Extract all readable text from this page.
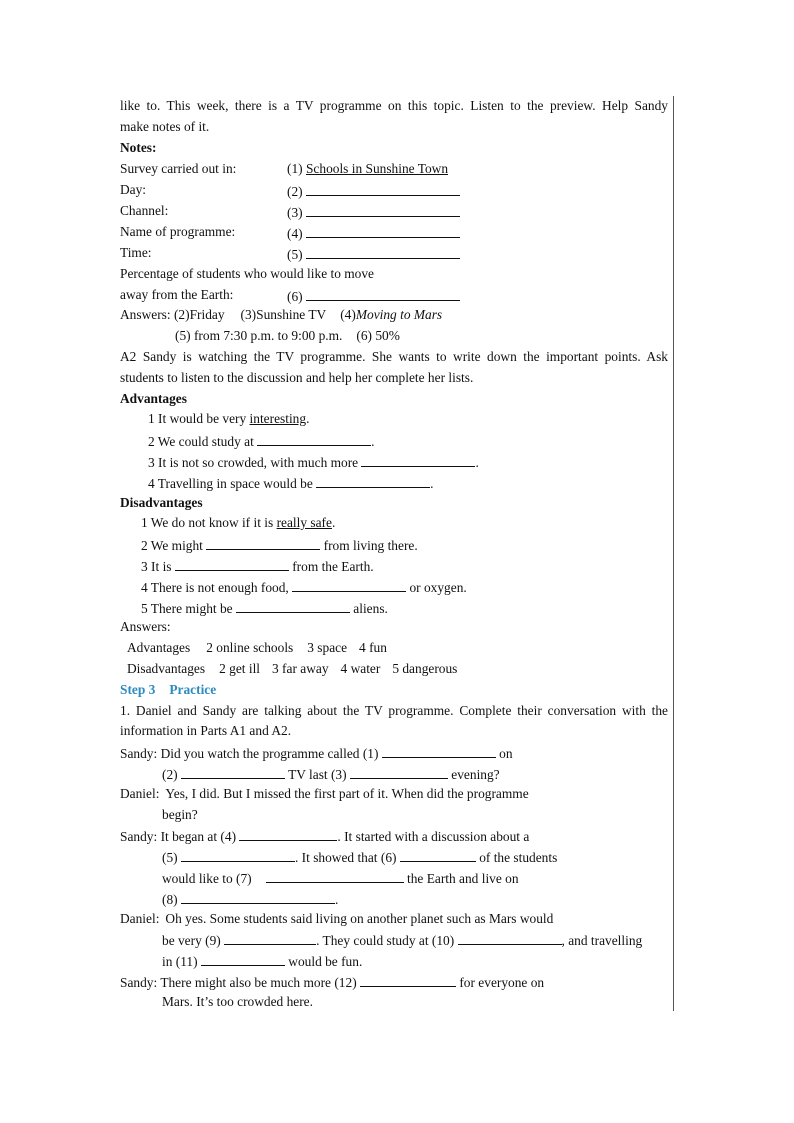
like to. This week, there is a TV programme on this topic. Listen to the preview. Help Sandy
make notes of it.
Notes:
Survey carried out in:	(1) Schools in Sunshine Town
Day:	(2)
Channel:	(3)
Name of programme:	(4)
Time:	(5)
Percentage of students who would like to move
away from the Earth:	(6)
Answers: (2)Friday (3)Sunshine TV (4)Moving to Mars
(5) from 7:30 p.m. to 9:00 p.m. (6) 50%
A2 Sandy is watching the TV programme. She wants to write down the important points. Ask
students to listen to the discussion and help her complete her lists.
Advantages
1 It would be very interesting.
2 We could study at	.
3 It is not so crowded, with much more	.
4 Travelling in space would be	.
Disadvantages
1 We do not know if it is really safe.
2 We might	from living there.
3 It is	from the Earth.
4 There is not enough food,	or oxygen.
5 There might be	aliens.
Answers:
Advantages 2 online schools 3 space 4 fun
Disadvantages 2 get ill 3 far away 4 water 5 dangerous
Step 3 Practice
1. Daniel and Sandy are talking about the TV programme. Complete their conversation with the
information in Parts A1 and A2.
Sandy: Did you watch the programme called (1)	on
(2)	TV last (3)	evening?
Daniel: Yes, I did. But I missed the first part of it. When did the programme
begin?
Sandy: It began at (4)	. It started with a discussion about a
(5)	. It showed that (6)	of the students
would like to (7)	the Earth and live on
(8)	.
Daniel: Oh yes. Some students said living on another planet such as Mars would
be very (9)	. They could study at (10)	, and travelling
in (11)	would be fun.
Sandy: There might also be much more (12)	for everyone on
Mars. It’s too crowded here.
